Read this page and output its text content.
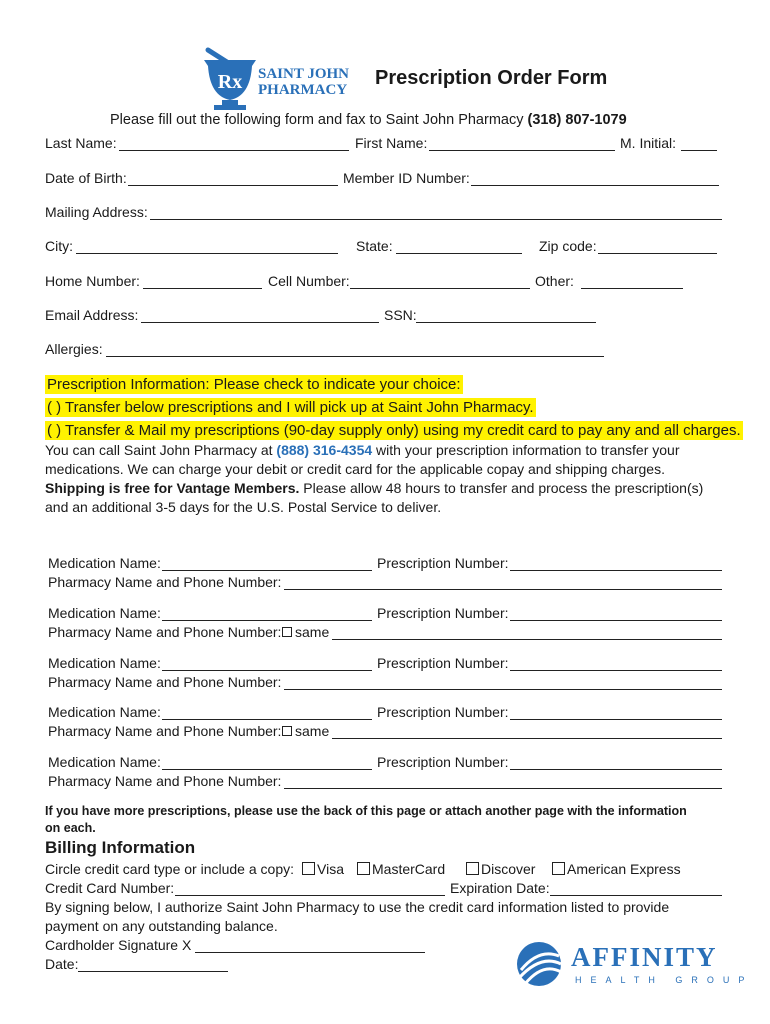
Rx SAINT JOHN
PHARMACY
Prescription Order Form
Please fill out the following form and fax to Saint John Pharmacy (318) 807-1079
Last Name:	First Name:	M. Initial:
Date of Birth:	Member ID Number:
Mailing Address:
City:	State:	Zip code:
Home Number:	Cell Number:	Other:
Email Address:	SSN:
Allergies:
Prescription Information: Please check to indicate your choice:
( ) Transfer below prescriptions and I will pick up at Saint John Pharmacy.
( ) Transfer & Mail my prescriptions (90-day supply only) using my credit card to pay any and all charges.
You can call Saint John Pharmacy at (888) 316-4354 with your prescription information to transfer your
medications. We can charge your debit or credit card for the applicable copay and shipping charges.
Shipping is free for Vantage Members. Please allow 48 hours to transfer and process the prescription(s)
and an additional 3-5 days for the U.S. Postal Service to deliver.
Medication Name:	Prescription Number:
Pharmacy Name and Phone Number:
Medication Name:	Prescription Number:
Pharmacy Name and Phone Number: same
Medication Name:	Prescription Number:
Pharmacy Name and Phone Number:
Medication Name:	Prescription Number:
Pharmacy Name and Phone Number: same
Medication Name:	Prescription Number:
Pharmacy Name and Phone Number:
If you have more prescriptions, please use the back of this page or attach another page with the information
on each.
Billing Information
Circle credit card type or include a copy:	Visa	MasterCard	Discover	American Express
Credit Card Number:	Expiration Date:
By signing below, I authorize Saint John Pharmacy to use the credit card information listed to provide
payment on any outstanding balance.
Cardholder Signature X
Date:	AFFINITY
HEALTH GROUP
